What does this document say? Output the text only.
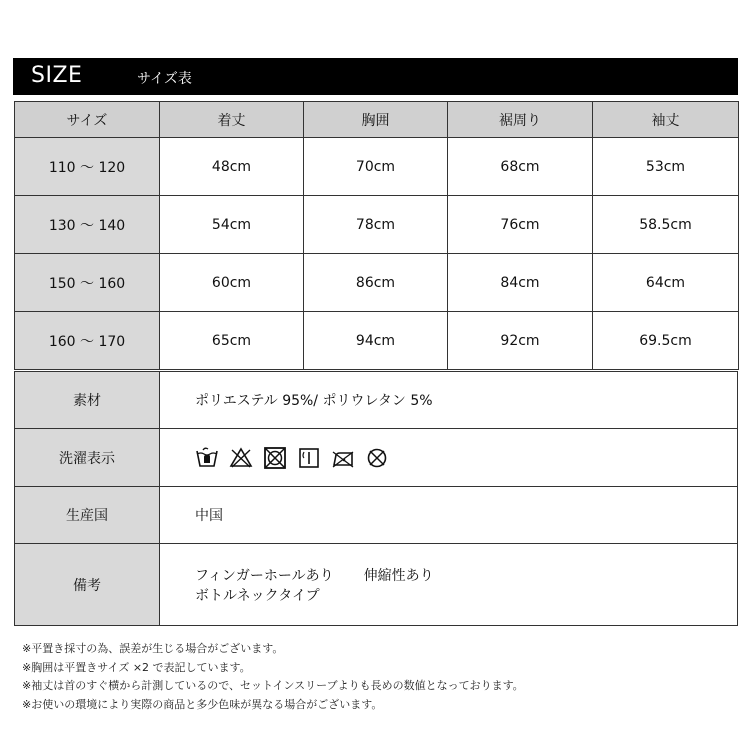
SIZE	サイズ表
サイズ	着丈	胸囲	裾周り	袖丈
110 〜 120	48cm	70cm	68cm	53cm
130 〜 140	54cm	78cm	76cm	58.5cm
150 〜 160	60cm	86cm	84cm	64cm
160 〜 170	65cm	94cm	92cm	69.5cm
素材	ポリエステル 95%/ ポリウレタン 5%
洗濯表示	

生産国	中国
備考	フィンガーホールあり 伸縮性あり
ボトルネックタイプ
※平置き採寸の為、誤差が生じる場合がございます。
※胸囲は平置きサイズ ×2 で表記しています。
※袖丈は首のすぐ横から計測しているので、セットインスリーブよりも長めの数値となっております。
※お使いの環境により実際の商品と多少色味が異なる場合がございます。
